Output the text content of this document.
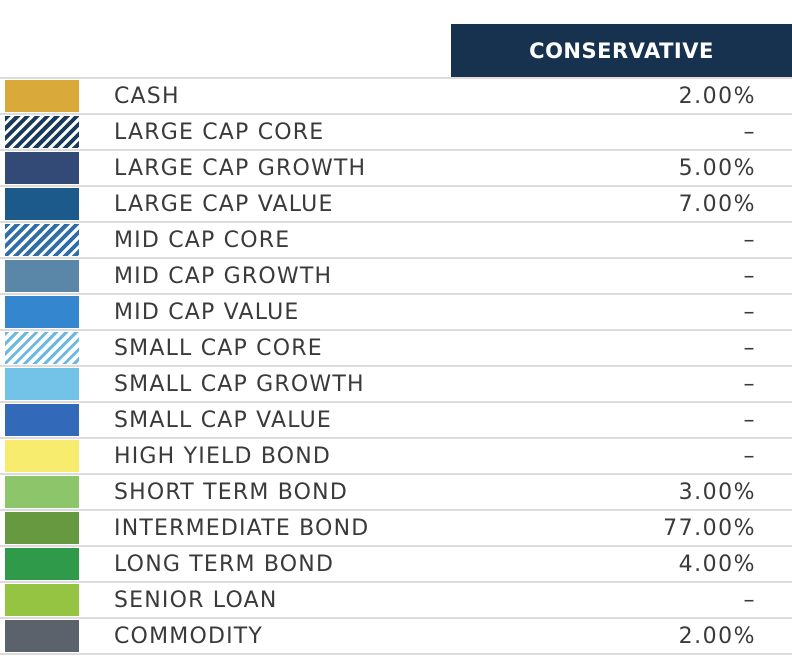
CONSERVATIVE
CASH	2.00%
LARGE CAP CORE	–
LARGE CAP GROWTH	5.00%
LARGE CAP VALUE	7.00%
MID CAP CORE	–
MID CAP GROWTH	–
MID CAP VALUE	–
SMALL CAP CORE	–
SMALL CAP GROWTH	–
SMALL CAP VALUE	–
HIGH YIELD BOND	–
SHORT TERM BOND	3.00%
INTERMEDIATE BOND	77.00%
LONG TERM BOND	4.00%
SENIOR LOAN	–
COMMODITY	2.00%
